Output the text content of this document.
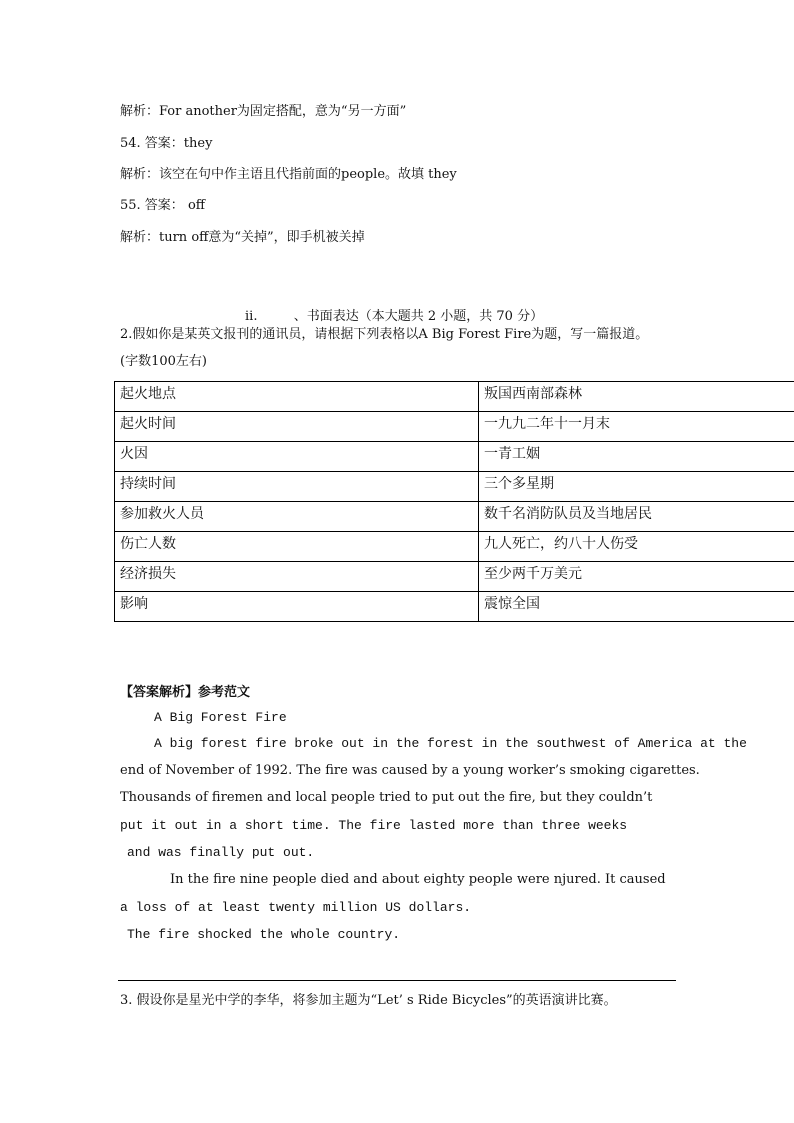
解析：For another为固定搭配，意为“另一方面”
54. 答案：they
解析：该空在句中作主语且代指前面的people。故填 they
55. 答案： off
解析：turn off意为“关掉”，即手机被关掉
ii.	、书面表达（本大题共 2 小题，共 70 分）
2.假如你是某英文报刊的通讯员，请根据下列表格以A Big Forest Fire为题，写一篇报道。
(字数100左右)
起火地点	叛国西南部森林
起火时间	一九九二年十一月末
火因	一青工姻
持续时间	三个多星期
参加救火人员	数千名消防队员及当地居民
伤亡人数	九人死亡，约八十人伤受
经济损失	至少两千万美元
影响	震惊全国
【答案解析】参考范文
A Big Forest Fire
A big forest fire broke out in the forest in the southwest of America at the
end of November of 1992. The fire was caused by a young worker’s smoking cigarettes.
Thousands of firemen and local people tried to put out the fire, but they couldn’t
put it out in a short time. The fire lasted more than three weeks
and was finally put out.
In the fire nine people died and about eighty people were njured. It caused
a loss of at least twenty million US dollars.
The fire shocked the whole country.
3. 假设你是星光中学的李华，将参加主题为“Let’ s Ride Bicycles”的英语演讲比赛。
